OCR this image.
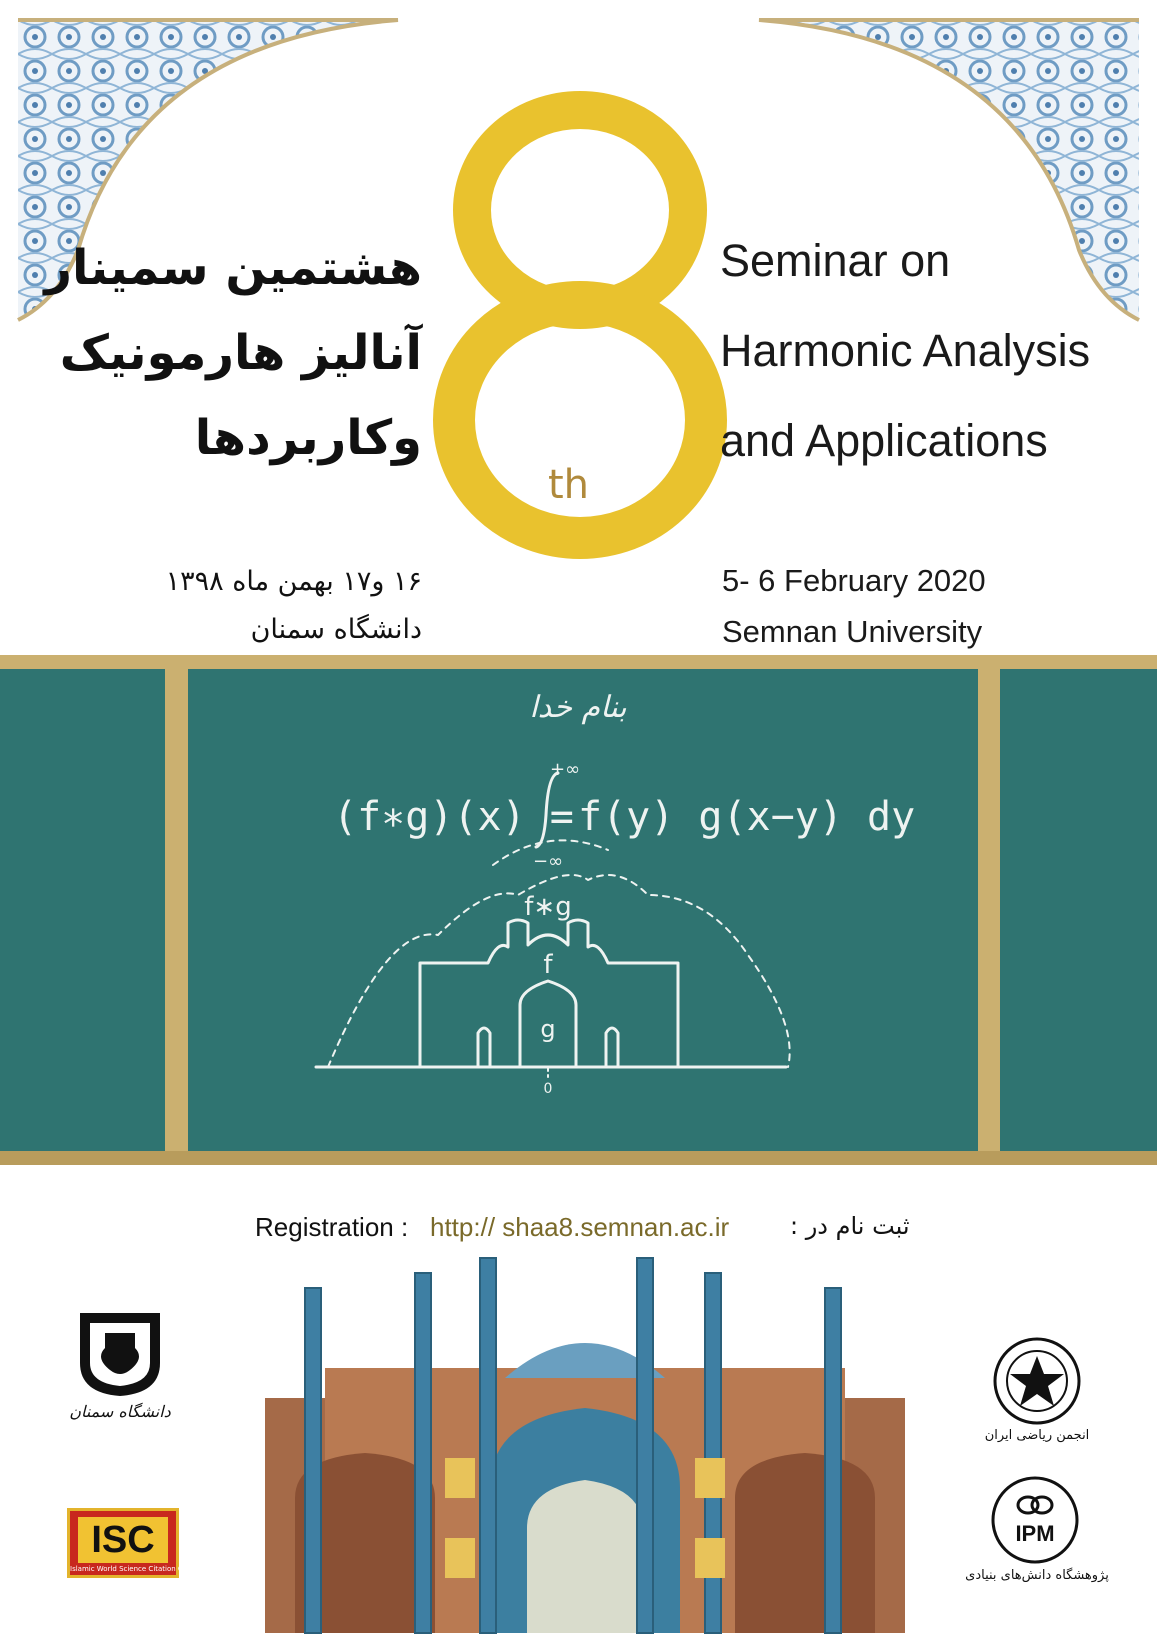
8
th
هشتمین سمینار
آنالیز هارمونیک
وکاربردها
Seminar on
Harmonic Analysis
and Applications
5- 6 February 2020
Semnan University
۱۶ و۱۷ بهمن ماه ۱۳۹۸
دانشگاه سمنان
بنام خدا
(f∗g)(x) =
+∞
−∞
f(y) g(x−y) dy
f∗g
f
g
0
Registration : http:// shaa8.semnan.ac.ir	ثبت نام در :
دانشگاه سمنان
ISC
Islamic World Science Citation Center
IRANIAN MATHEMATICAL SOCIETY
انجمن ریاضی ایران
IPM
پژوهشگاه دانش‌های بنیادی
